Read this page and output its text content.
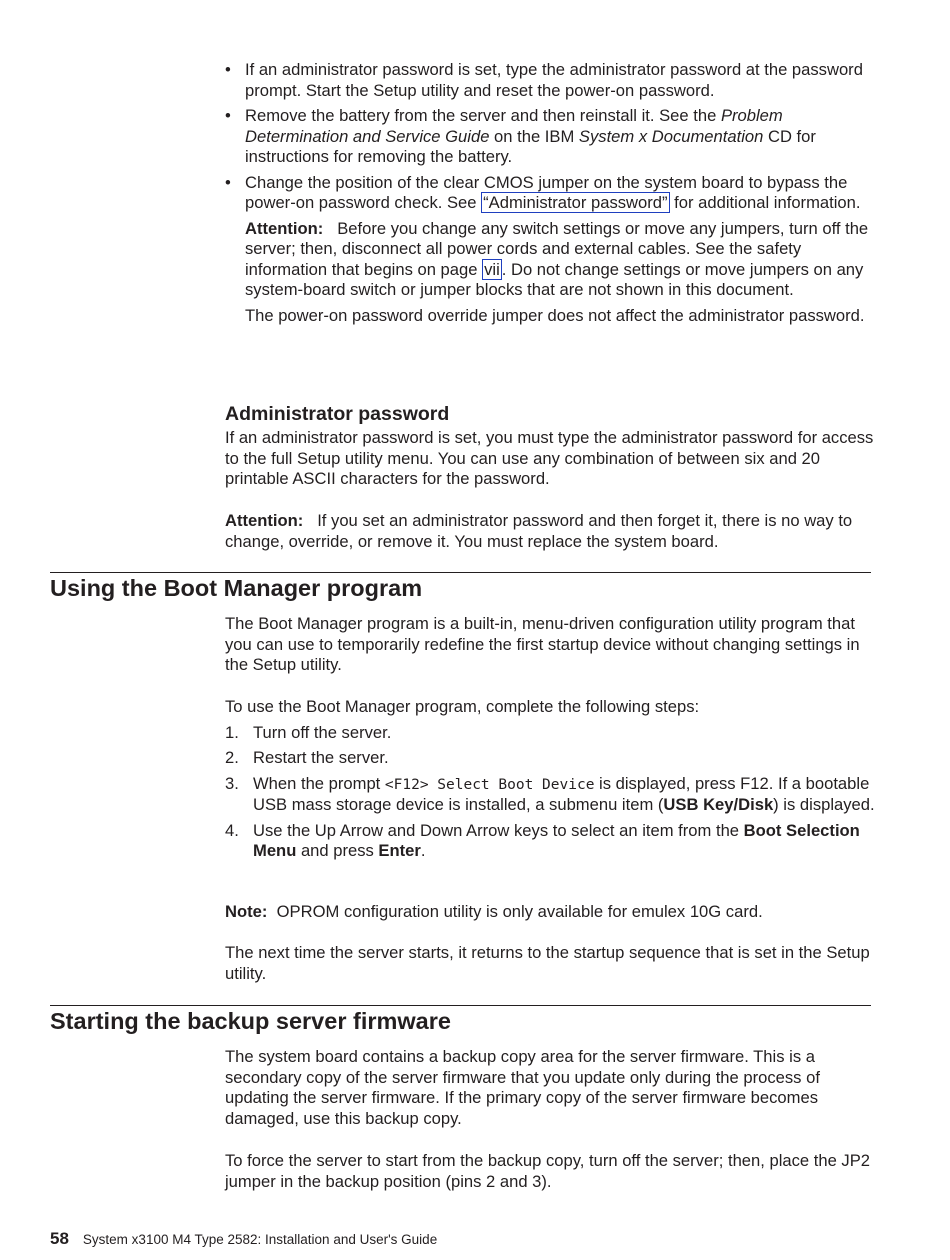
• If an administrator password is set, type the administrator password at the password prompt. Start the Setup utility and reset the power-on password.

• Remove the battery from the server and then reinstall it. See the Problem Determination and Service Guide on the IBM System x Documentation CD for instructions for removing the battery.

• Change the position of the clear CMOS jumper on the system board to bypass the power-on password check. See “Administrator password” for additional information.

Attention: Before you change any switch settings or move any jumpers, turn off the server; then, disconnect all power cords and external cables. See the safety information that begins on page vii . Do not change settings or move jumpers on any system-board switch or jumper blocks that are not shown in this document.

The power-on password override jumper does not affect the administrator password.

Administrator password

If an administrator password is set, you must type the administrator password for access to the full Setup utility menu. You can use any combination of between six and 20 printable ASCII characters for the password.

Attention: If you set an administrator password and then forget it, there is no way to change, override, or remove it. You must replace the system board.

Using the Boot Manager program

The Boot Manager program is a built-in, menu-driven configuration utility program that you can use to temporarily redefine the first startup device without changing settings in the Setup utility.

To use the Boot Manager program, complete the following steps:

1. Turn off the server.
2. Restart the server.
3. When the prompt <F12> Select Boot Device is displayed, press F12. If a bootable USB mass storage device is installed, a submenu item (USB Key/Disk) is displayed.
4. Use the Up Arrow and Down Arrow keys to select an item from the Boot Selection Menu and press Enter.

Note: OPROM configuration utility is only available for emulex 10G card.

The next time the server starts, it returns to the startup sequence that is set in the Setup utility.

Starting the backup server firmware

The system board contains a backup copy area for the server firmware. This is a secondary copy of the server firmware that you update only during the process of updating the server firmware. If the primary copy of the server firmware becomes damaged, use this backup copy.

To force the server to start from the backup copy, turn off the server; then, place the JP2 jumper in the backup position (pins 2 and 3).

58 System x3100 M4 Type 2582: Installation and User's Guide
